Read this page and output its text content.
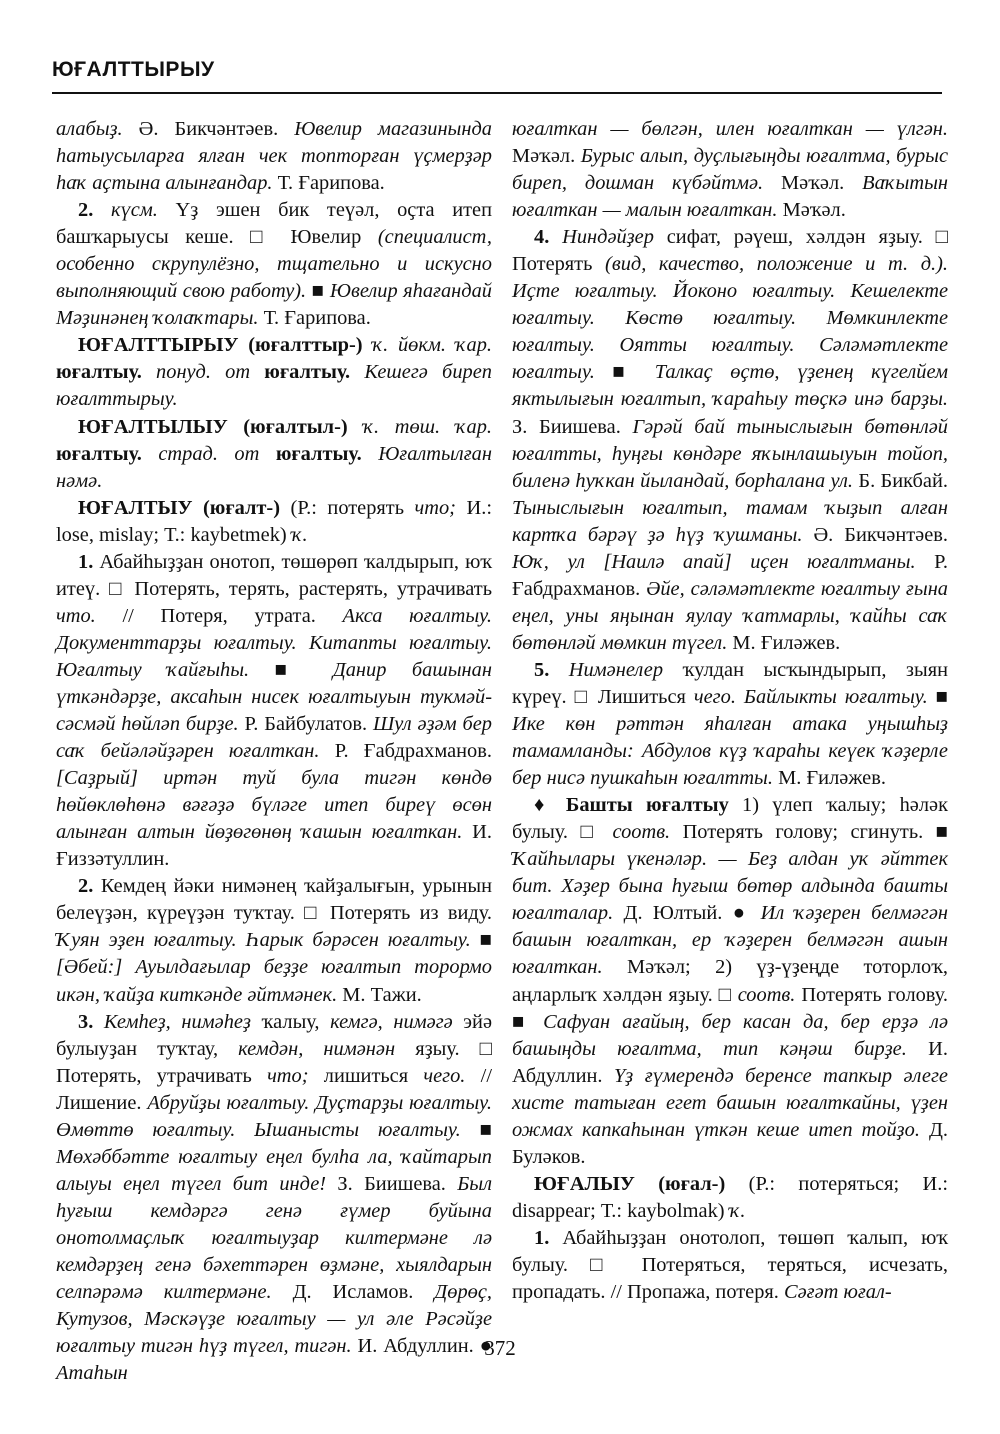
ЮҒАЛТТЫРЫУ

алабыҙ. Ә. Бикчәнтәев. Ювелир магазинында һатыусыларға ялған чек топторған үҫмерҙәр һаҡ аҫтына алынғандар. Т. Ғарипова.

2. күсм. Үҙ эшен бик теүәл, оҫта итеп башҡарыусы кеше. □ Ювелир (специалист, особенно скрупулёзно, тщательно и искусно выполняющий свою работу). ■ Ювелир яһағандай Мәҙинәнең ҡолаҡтары. Т. Ғарипова.

ЮҒАЛТТЫРЫУ (юғалттыр-) ҡ. йөкм. ҡар. юғалтыу. понуд. от юғалтыу. Кешегә биреп юғалттырыу.

ЮҒАЛТЫЛЫУ (юғалтыл-) ҡ. төш. ҡар. юғалтыу. страд. от юғалтыу. Юғалтылған нәмә.

ЮҒАЛТЫУ (юғалт-) (Р.: потерять что; И.: lose, mislay; Т.: kaybetmek) ҡ.

1. Абайһыҙҙан онотоп, төшөрөп ҡалдырып, юҡ итеү. □ Потерять, терять, растерять, утрачивать что. // Потеря, утрата. Акса юғалтыу. Документтарҙы юғалтыу. Китапты юғалтыу. Юғалтыу ҡайғыһы. ■ Данир башынан үткәндәрҙе, аксаһын нисек юғалтыуын тукмәй-сәсмәй һөйләп бирҙе. Р. Байбулатов. Шул әҙәм бер саҡ бейәләйҙәрен юғалткан. Р. Ғабдрахманов. [Саҙрый] иртән туй була тигән көндө һөйөклөһөнә вәғәҙә бүләге итеп биреү өсөн алынған алтын йөҙөгөнөң ҡашын юғалткан. И. Ғиззәтуллин.

2. Кемдең йәки нимәнең ҡайҙалығын, урынын белеүҙән, күреүҙән туҡтау. □ Потерять из виду. Ҡуян эҙен юғалтыу. Һарык бәрәсен юғалтыу. ■ [Әбей:] Ауылдағылар беҙҙе юғалтып торормо икән, ҡайҙа киткәнде әйтмәнек. М. Тажи.

3. Кемһеҙ, нимәһеҙ ҡалыу, кемгә, нимәгә эйә булыуҙан туҡтау, кемдән, нимәнән яҙыу. □ Потерять, утрачивать что; лишиться чего. // Лишение. Абруйҙы юғалтыу. Дуҫтарҙы юғалтыу. Өмөттө юғалтыу. Ышанысты юғалтыу. ■ Мөхәббәтте юғалтыу еңел булһа ла, ҡайтарып алыуы еңел түгел бит инде! З. Биишева. Был һуғыш кемдәргә генә ғүмер буйына онотолмаҫлыҡ юғалтыуҙар килтермәне лә кемдәрҙең генә бәхеттәрен өҙмәне, хыялдарын селпәрәмә килтермәне. Д. Исламов. Дөрөҫ, Кутузов, Мәскәүҙе юғалтыу — ул әле Рәсәйҙе юғалтыу тигән һүҙ түгел, тигән. И. Абдуллин. ● Атаһын

юғалткан — бөлгән, илен юғалткан — үлгән. Мәҡәл. Бурыс алып, дуҫлығыңды юғалтма, бурыс биреп, дошман күбәйтмә. Мәҡәл. Ваҡытын юғалткан — малын юғалткан. Мәҡәл.

4. Ниндәйҙер сифат, рәүеш, хәлдән яҙыу. □ Потерять (вид, качество, положение и т. д.). Иҫте юғалтыу. Йоконо юғалтыу. Кешелекте юғалтыу. Көстө юғалтыу. Мөмкинлекте юғалтыу. Оятты юғалтыу. Сәләмәтлекте юғалтыу. ■ Талкаҫ өҫтө, үҙенең күгелйем яктылығын юғалтып, ҡараһыу төҫкә инә барҙы. З. Биишева. Гәрәй бай тыныслығын бөтөнләй юғалтты, һуңғы көндәре яҡынлашыуын тойоп, биленә һуҡкан йыландай, борһалана ул. Б. Бикбай. Тыныслығын юғалтып, тамам ҡыҙып алған картҡа бәрәү ҙә һүҙ ҡушманы. Ә. Бикчәнтәев. Юҡ, ул [Наилә апай] иҫен юғалтманы. Р. Ғабдрахманов. Әйе, сәләмәтлекте юғалтыу ғына еңел, уны яңынан яулау ҡатмарлы, ҡайһы саҡ бөтөнләй мөмкин түгел. М. Ғиләжев.

5. Нимәнелер ҡулдан ысҡындырып, зыян күреү. □ Лишиться чего. Байлыкты юғалтыу. ■ Ике көн рәттән яһалған атака уңышһыҙ тамамланды: Абдулов күҙ ҡараһы кеүек ҡәҙерле бер нисә пушкаһын юғалтты. М. Ғиләжев.

♦ Башты юғалтыу 1) үлеп ҡалыу; һәләк булыу. □ соотв. Потерять голову; сгинуть. ■ Ҡайһылары үкенәләр. — Беҙ алдан уҡ әйттек бит. Хәҙер бына һуғыш бөтөр алдында башты юғалталар. Д. Юлтый. ● Ил ҡәҙерен белмәгән башын юғалткан, ер ҡәҙерен белмәгән ашын юғалткан. Мәҡәл; 2) үҙ-үҙеңде тоторлоҡ, аңларлыҡ хәлдән яҙыу. □ соотв. Потерять голову. ■ Сафуан ағайың, бер касан да, бер ерҙә лә башыңды юғалтма, тип кәңәш бирҙе. И. Абдуллин. Үҙ ғүмерендә беренсе тапкыр әлеге хисте татыған егет башын юғалткайны, үҙен ожмах капкаһынан үткән кеше итеп тойҙо. Д. Буләков.

ЮҒАЛЫУ (юғал-) (Р.: потеряться; И.: disappear; Т.: kaybolmak) ҡ.

1. Абайһыҙҙан онотолоп, төшөп ҡалып, юҡ булыу. □ Потеряться, теряться, исчезать, пропадать. // Пропажа, потеря. Сәғәт юғал-

372
